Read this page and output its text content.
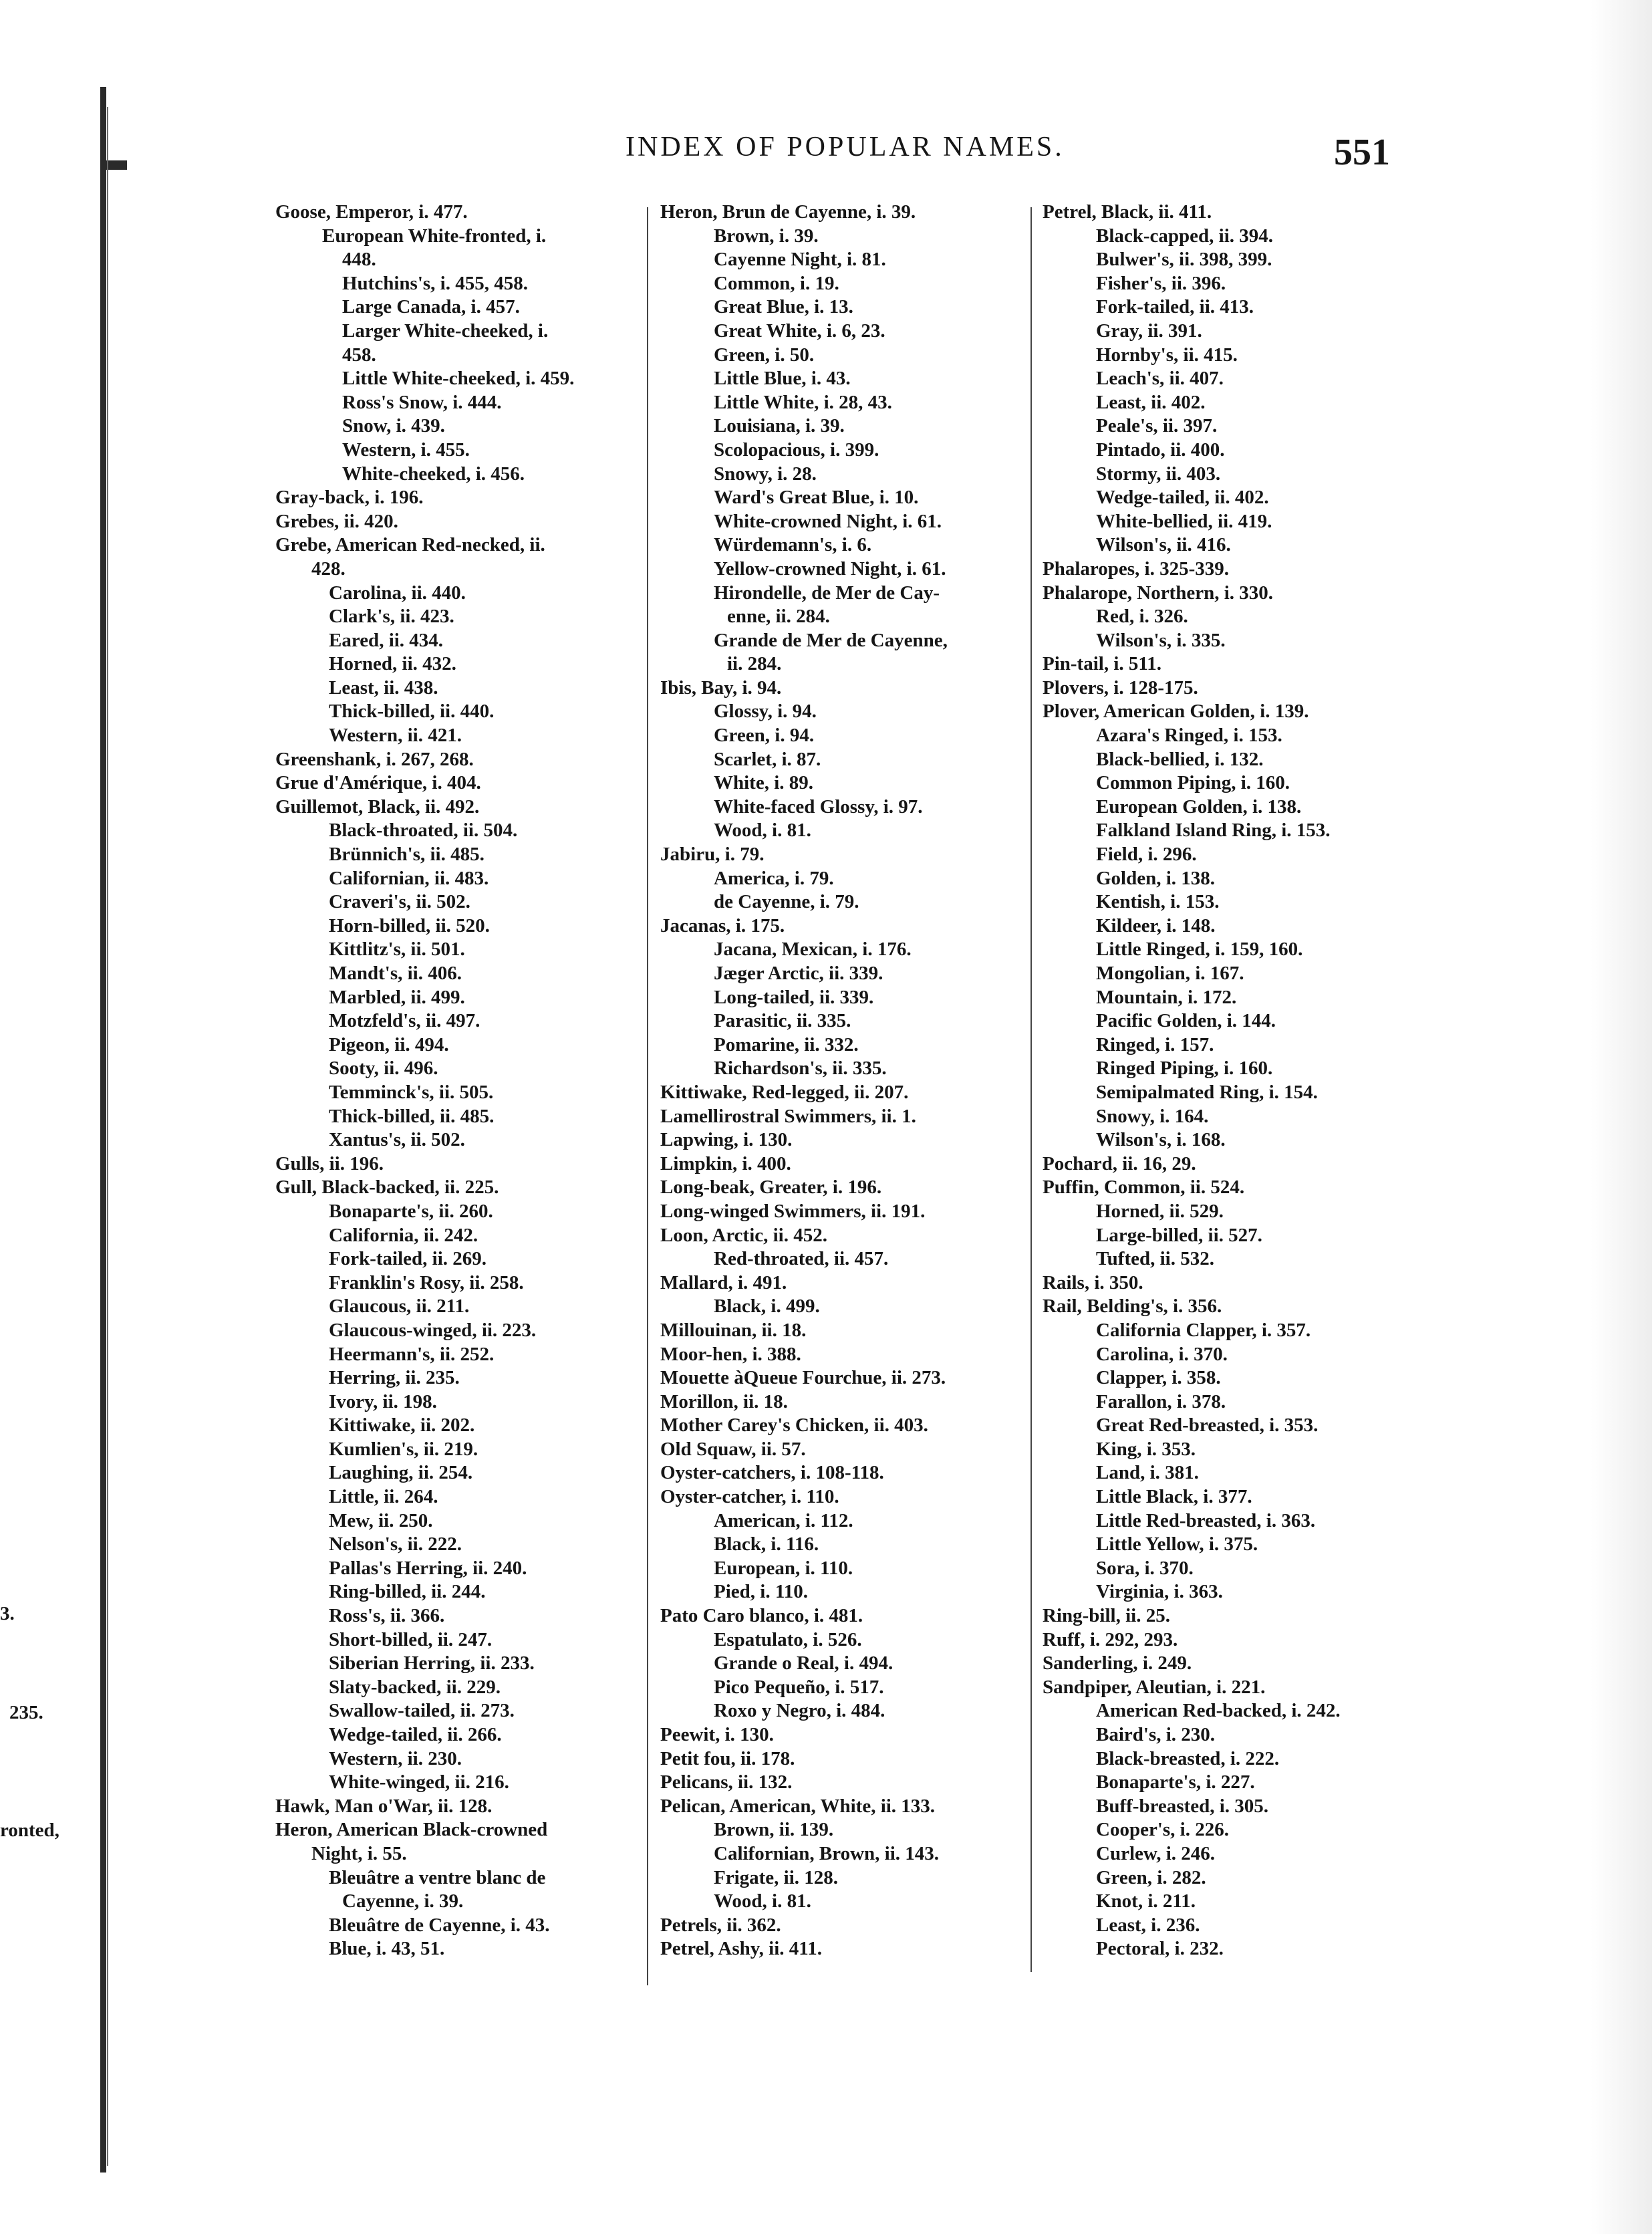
3.
235.
ronted,
INDEX OF POPULAR NAMES.	551
Goose, Emperor, i. 477.
European White-fronted, i.
448.
Hutchins's, i. 455, 458.
Large Canada, i. 457.
Larger White-cheeked, i.
458.
Little White-cheeked, i. 459.
Ross's Snow, i. 444.
Snow, i. 439.
Western, i. 455.
White-cheeked, i. 456.
Gray-back, i. 196.
Grebes, ii. 420.
Grebe, American Red-necked, ii.
428.
Carolina, ii. 440.
Clark's, ii. 423.
Eared, ii. 434.
Horned, ii. 432.
Least, ii. 438.
Thick-billed, ii. 440.
Western, ii. 421.
Greenshank, i. 267, 268.
Grue d'Amérique, i. 404.
Guillemot, Black, ii. 492.
Black-throated, ii. 504.
Brünnich's, ii. 485.
Californian, ii. 483.
Craveri's, ii. 502.
Horn-billed, ii. 520.
Kittlitz's, ii. 501.
Mandt's, ii. 406.
Marbled, ii. 499.
Motzfeld's, ii. 497.
Pigeon, ii. 494.
Sooty, ii. 496.
Temminck's, ii. 505.
Thick-billed, ii. 485.
Xantus's, ii. 502.
Gulls, ii. 196.
Gull, Black-backed, ii. 225.
Bonaparte's, ii. 260.
California, ii. 242.
Fork-tailed, ii. 269.
Franklin's Rosy, ii. 258.
Glaucous, ii. 211.
Glaucous-winged, ii. 223.
Heermann's, ii. 252.
Herring, ii. 235.
Ivory, ii. 198.
Kittiwake, ii. 202.
Kumlien's, ii. 219.
Laughing, ii. 254.
Little, ii. 264.
Mew, ii. 250.
Nelson's, ii. 222.
Pallas's Herring, ii. 240.
Ring-billed, ii. 244.
Ross's, ii. 366.
Short-billed, ii. 247.
Siberian Herring, ii. 233.
Slaty-backed, ii. 229.
Swallow-tailed, ii. 273.
Wedge-tailed, ii. 266.
Western, ii. 230.
White-winged, ii. 216.
Hawk, Man o'War, ii. 128.
Heron, American Black-crowned
Night, i. 55.
Bleuâtre a ventre blanc de
Cayenne, i. 39.
Bleuâtre de Cayenne, i. 43.
Blue, i. 43, 51.
Heron, Brun de Cayenne, i. 39.
Brown, i. 39.
Cayenne Night, i. 81.
Common, i. 19.
Great Blue, i. 13.
Great White, i. 6, 23.
Green, i. 50.
Little Blue, i. 43.
Little White, i. 28, 43.
Louisiana, i. 39.
Scolopacious, i. 399.
Snowy, i. 28.
Ward's Great Blue, i. 10.
White-crowned Night, i. 61.
Würdemann's, i. 6.
Yellow-crowned Night, i. 61.
Hirondelle, de Mer de Cay-
enne, ii. 284.
Grande de Mer de Cayenne,
ii. 284.
Ibis, Bay, i. 94.
Glossy, i. 94.
Green, i. 94.
Scarlet, i. 87.
White, i. 89.
White-faced Glossy, i. 97.
Wood, i. 81.
Jabiru, i. 79.
America, i. 79.
de Cayenne, i. 79.
Jacanas, i. 175.
Jacana, Mexican, i. 176.
Jæger Arctic, ii. 339.
Long-tailed, ii. 339.
Parasitic, ii. 335.
Pomarine, ii. 332.
Richardson's, ii. 335.
Kittiwake, Red-legged, ii. 207.
Lamellirostral Swimmers, ii. 1.
Lapwing, i. 130.
Limpkin, i. 400.
Long-beak, Greater, i. 196.
Long-winged Swimmers, ii. 191.
Loon, Arctic, ii. 452.
Red-throated, ii. 457.
Mallard, i. 491.
Black, i. 499.
Millouinan, ii. 18.
Moor-hen, i. 388.
Mouette àQueue Fourchue, ii. 273.
Morillon, ii. 18.
Mother Carey's Chicken, ii. 403.
Old Squaw, ii. 57.
Oyster-catchers, i. 108-118.
Oyster-catcher, i. 110.
American, i. 112.
Black, i. 116.
European, i. 110.
Pied, i. 110.
Pato Caro blanco, i. 481.
Espatulato, i. 526.
Grande o Real, i. 494.
Pico Pequeño, i. 517.
Roxo y Negro, i. 484.
Peewit, i. 130.
Petit fou, ii. 178.
Pelicans, ii. 132.
Pelican, American, White, ii. 133.
Brown, ii. 139.
Californian, Brown, ii. 143.
Frigate, ii. 128.
Wood, i. 81.
Petrels, ii. 362.
Petrel, Ashy, ii. 411.
Petrel, Black, ii. 411.
Black-capped, ii. 394.
Bulwer's, ii. 398, 399.
Fisher's, ii. 396.
Fork-tailed, ii. 413.
Gray, ii. 391.
Hornby's, ii. 415.
Leach's, ii. 407.
Least, ii. 402.
Peale's, ii. 397.
Pintado, ii. 400.
Stormy, ii. 403.
Wedge-tailed, ii. 402.
White-bellied, ii. 419.
Wilson's, ii. 416.
Phalaropes, i. 325-339.
Phalarope, Northern, i. 330.
Red, i. 326.
Wilson's, i. 335.
Pin-tail, i. 511.
Plovers, i. 128-175.
Plover, American Golden, i. 139.
Azara's Ringed, i. 153.
Black-bellied, i. 132.
Common Piping, i. 160.
European Golden, i. 138.
Falkland Island Ring, i. 153.
Field, i. 296.
Golden, i. 138.
Kentish, i. 153.
Kildeer, i. 148.
Little Ringed, i. 159, 160.
Mongolian, i. 167.
Mountain, i. 172.
Pacific Golden, i. 144.
Ringed, i. 157.
Ringed Piping, i. 160.
Semipalmated Ring, i. 154.
Snowy, i. 164.
Wilson's, i. 168.
Pochard, ii. 16, 29.
Puffin, Common, ii. 524.
Horned, ii. 529.
Large-billed, ii. 527.
Tufted, ii. 532.
Rails, i. 350.
Rail, Belding's, i. 356.
California Clapper, i. 357.
Carolina, i. 370.
Clapper, i. 358.
Farallon, i. 378.
Great Red-breasted, i. 353.
King, i. 353.
Land, i. 381.
Little Black, i. 377.
Little Red-breasted, i. 363.
Little Yellow, i. 375.
Sora, i. 370.
Virginia, i. 363.
Ring-bill, ii. 25.
Ruff, i. 292, 293.
Sanderling, i. 249.
Sandpiper, Aleutian, i. 221.
American Red-backed, i. 242.
Baird's, i. 230.
Black-breasted, i. 222.
Bonaparte's, i. 227.
Buff-breasted, i. 305.
Cooper's, i. 226.
Curlew, i. 246.
Green, i. 282.
Knot, i. 211.
Least, i. 236.
Pectoral, i. 232.
